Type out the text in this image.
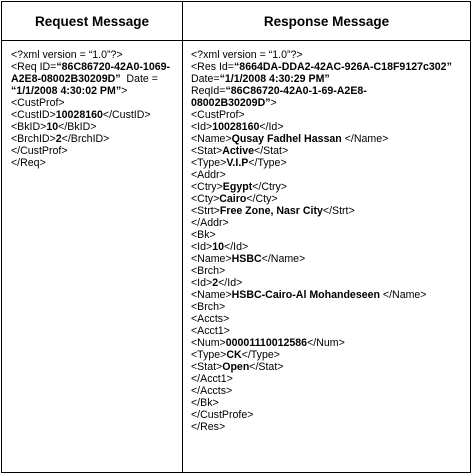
Request Message	Response Message
<?xml version = “1.0”?>
<Req ID=“86C86720-42A0-1069-
A2E8-08002B30209D”  Date =
“1/1/2008 4:30:02 PM”>
<CustProf>
<CustID>10028160</CustID>
<BkID>10</BkID>
<BrchID>2</BrchID>
</CustProf>
</Req>
<?xml version = “1.0”?>
<Res Id=“8664DA-DDA2-42AC-926A-C18F9127c302”
Date=“1/1/2008 4:30:29 PM”
ReqId=“86C86720-42A0-1-69-A2E8-
08002B30209D”>
<CustProf>
<Id>10028160</Id>
<Name>Qusay Fadhel Hassan </Name>
<Stat>Active</Stat>
<Type>V.I.P</Type>
<Addr>
<Ctry>Egypt</Ctry>
<Cty>Cairo</Cty>
<Strt>Free Zone, Nasr City</Strt>
</Addr>
<Bk>
<Id>10</Id>
<Name>HSBC</Name>
<Brch>
<Id>2</Id>
<Name>HSBC-Cairo-Al Mohandeseen </Name>
<Brch>
<Accts>
<Acct1>
<Num>00001110012586</Num>
<Type>CK</Type>
<Stat>Open</Stat>
</Acct1>
</Accts>
</Bk>
</CustProfe>
</Res>
